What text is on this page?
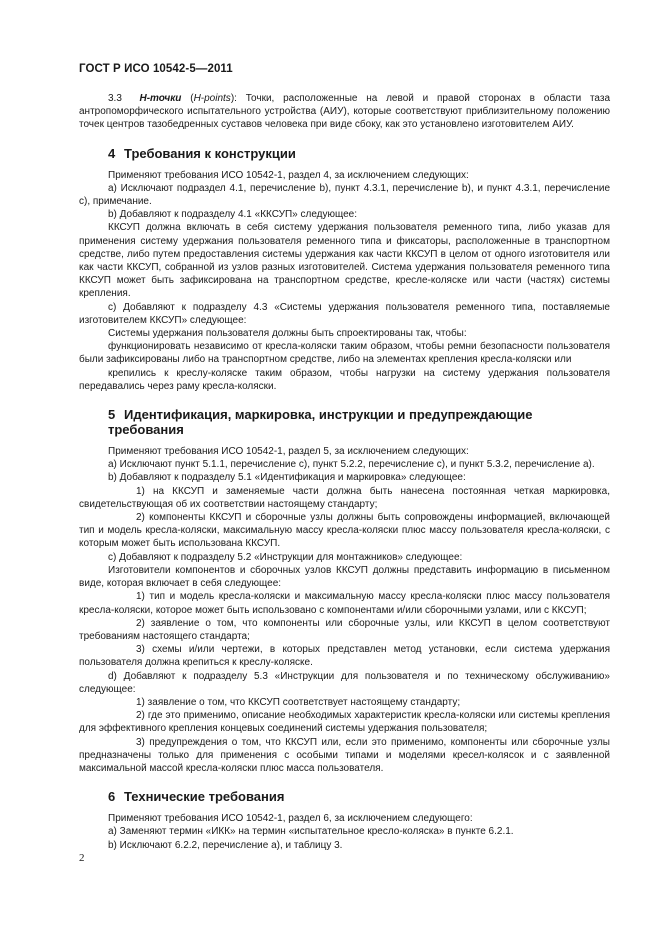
ГОСТ Р ИСО 10542-5—2011

3.3 H-точки (H-points): Точки, расположенные на левой и правой сторонах в области таза антропоморфического испытательного устройства (АИУ), которые соответствуют приблизительному положению точек центров тазобедренных суставов человека при виде сбоку, как это установлено изготовителем АИУ.

4 Требования к конструкции

Применяют требования ИСО 10542-1, раздел 4, за исключением следующих:

а) Исключают подраздел 4.1, перечисление b), пункт 4.3.1, перечисление b), и пункт 4.3.1, перечисление с), примечание.

b) Добавляют к подразделу 4.1 «ККСУП» следующее:

ККСУП должна включать в себя систему удержания пользователя ременного типа, либо указав для применения систему удержания пользователя ременного типа и фиксаторы, расположенные в транспортном средстве, либо путем предоставления системы удержания как части ККСУП в целом от одного изготовителя или как части ККСУП, собранной из узлов разных изготовителей. Система удержания пользователя ременного типа ККСУП может быть зафиксирована на транспортном средстве, кресле-коляске или части (частях) системы крепления.

с) Добавляют к подразделу 4.3 «Системы удержания пользователя ременного типа, поставляемые изготовителем ККСУП» следующее:

Системы удержания пользователя должны быть спроектированы так, чтобы:

функционировать независимо от кресла-коляски таким образом, чтобы ремни безопасности пользователя были зафиксированы либо на транспортном средстве, либо на элементах крепления кресла-коляски или

крепились к креслу-коляске таким образом, чтобы нагрузки на систему удержания пользователя передавались через раму кресла-коляски.

5 Идентификация, маркировка, инструкции и предупреждающие требования

Применяют требования ИСО 10542-1, раздел 5, за исключением следующих:

а) Исключают пункт 5.1.1, перечисление с), пункт 5.2.2, перечисление с), и пункт 5.3.2, перечисление а).

b) Добавляют к подразделу 5.1 «Идентификация и маркировка» следующее:

1) на ККСУП и заменяемые части должна быть нанесена постоянная четкая маркировка, свидетельствующая об их соответствии настоящему стандарту;

2) компоненты ККСУП и сборочные узлы должны быть сопровождены информацией, включающей тип и модель кресла-коляски, максимальную массу кресла-коляски плюс массу пользователя кресла-коляски, с которым может быть использована ККСУП.

с) Добавляют к подразделу 5.2 «Инструкции для монтажников» следующее:

Изготовители компонентов и сборочных узлов ККСУП должны представить информацию в письменном виде, которая включает в себя следующее:

1) тип и модель кресла-коляски и максимальную массу кресла-коляски плюс массу пользователя кресла-коляски, которое может быть использовано с компонентами и/или сборочными узлами, или с ККСУП;

2) заявление о том, что компоненты или сборочные узлы, или ККСУП в целом соответствуют требованиям настоящего стандарта;

3) схемы и/или чертежи, в которых представлен метод установки, если система удержания пользователя должна крепиться к креслу-коляске.

d) Добавляют к подразделу 5.3 «Инструкции для пользователя и по техническому обслуживанию» следующее:

1) заявление о том, что ККСУП соответствует настоящему стандарту;

2) где это применимо, описание необходимых характеристик кресла-коляски или системы крепления для эффективного крепления концевых соединений системы удержания пользователя;

3) предупреждения о том, что ККСУП или, если это применимо, компоненты или сборочные узлы предназначены только для применения с особыми типами и моделями кресел-колясок и с заявленной максимальной массой кресла-коляски плюс масса пользователя.

6 Технические требования

Применяют требования ИСО 10542-1, раздел 6, за исключением следующего:

а) Заменяют термин «ИКК» на термин «испытательное кресло-коляска» в пункте 6.2.1.

b) Исключают 6.2.2, перечисление а), и таблицу 3.

2
